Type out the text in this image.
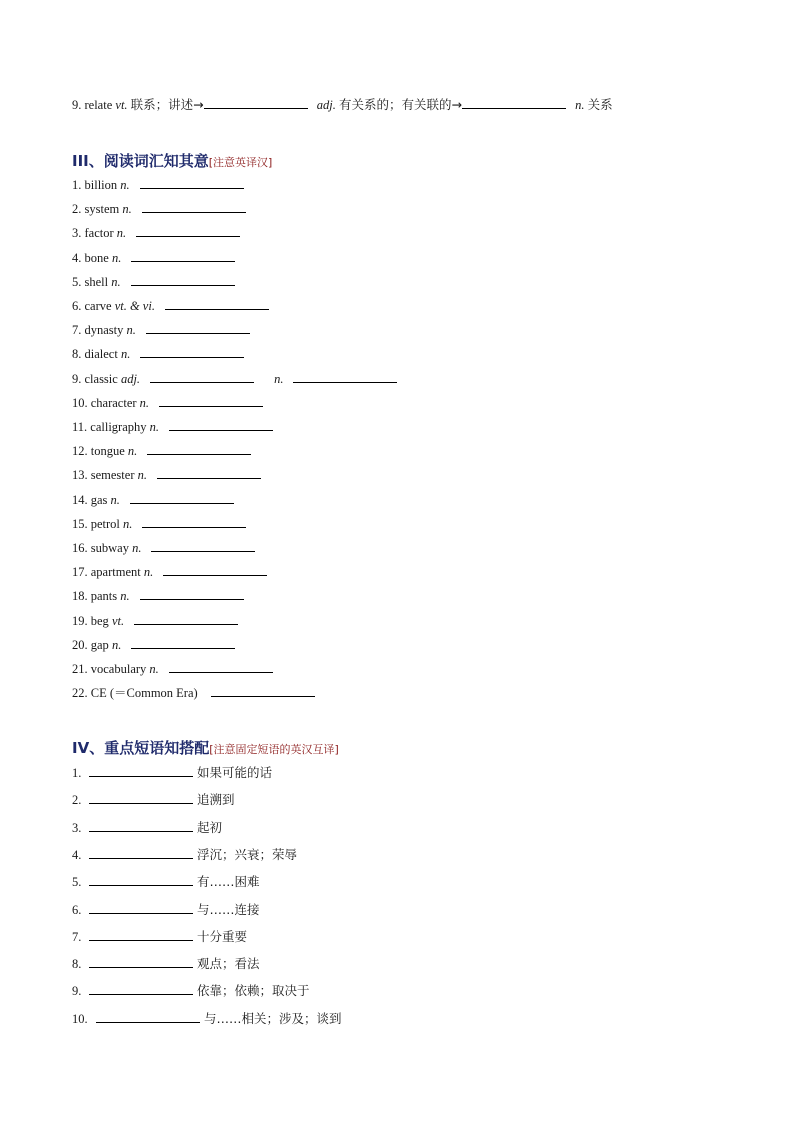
9. relate vt. 联系；讲述→	adj. 有关系的；有关联的→	n. 关系
III、阅读词汇知其意[注意英译汉]
1. billion n.
2. system n.
3. factor n.
4. bone n.
5. shell n.
6. carve vt. & vi.
7. dynasty n.
8. dialect n.
9. classic adj.	n.
10. character n.
11. calligraphy n.
12. tongue n.
13. semester n.
14. gas n.
15. petrol n.
16. subway n.
17. apartment n.
18. pants n.
19. beg vt.
20. gap n.
21. vocabulary n.
22. CE (＝Common Era)
IV、重点短语知搭配[注意固定短语的英汉互译]
1.	如果可能的话
2.	追溯到
3.	起初
4.	浮沉；兴衰；荣辱
5.	有……困难
6.	与……连接
7.	十分重要
8.	观点；看法
9.	依靠；依赖；取决于
10.	与……相关；涉及；谈到
